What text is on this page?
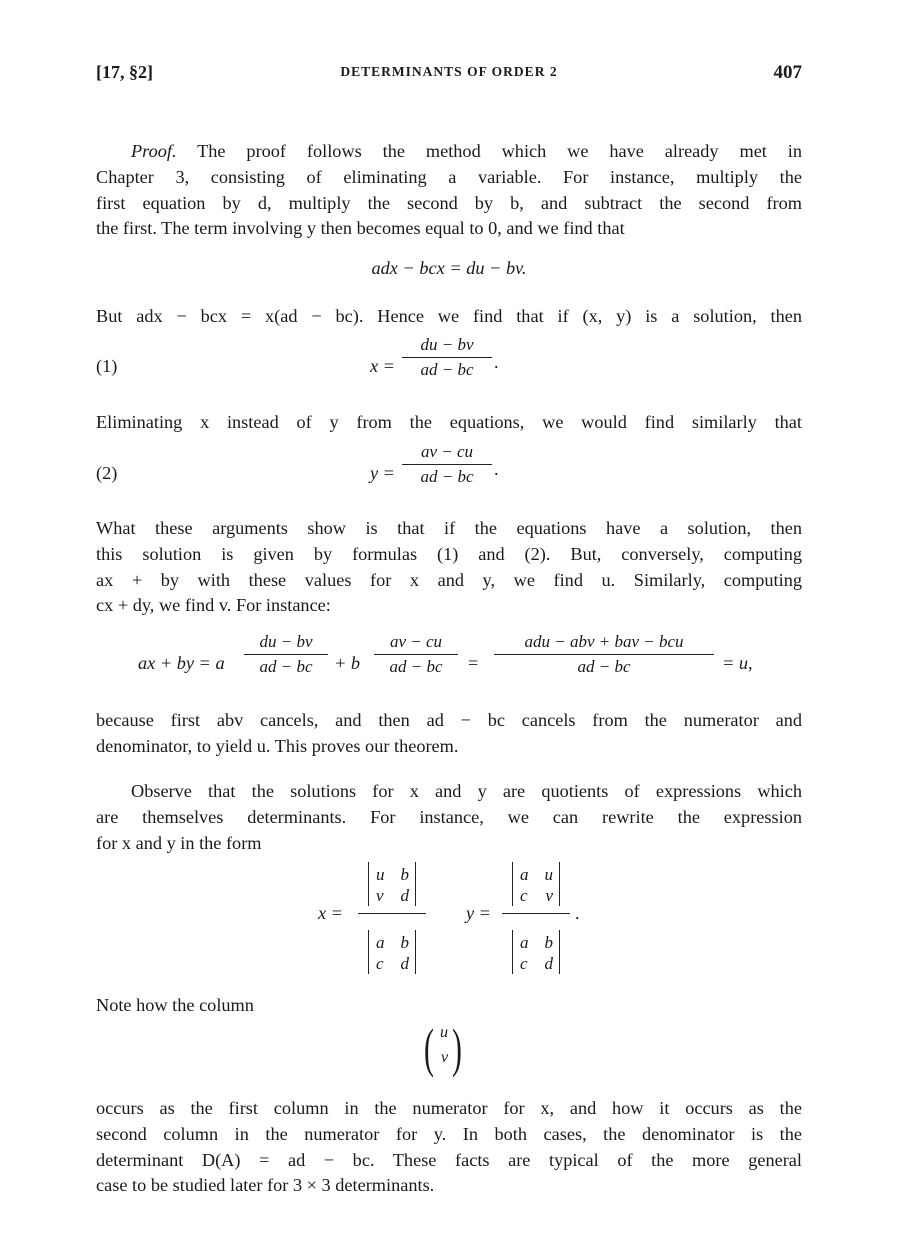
[17, §2]	DETERMINANTS OF ORDER 2	407
Proof. The proof follows the method which we have already met in
Chapter 3, consisting of eliminating a variable. For instance, multiply the
first equation by d, multiply the second by b, and subtract the second from
the first. The term involving y then becomes equal to 0, and we find that
adx − bcx = du − bv.
But adx − bcx = x(ad − bc). Hence we find that if (x, y) is a solution, then
(1)	x =
du − bv
ad − bc	.
Eliminating x instead of y from the equations, we would find similarly that
(2)	y =
av − cu
ad − bc	.
What these arguments show is that if the equations have a solution, then
this solution is given by formulas (1) and (2). But, conversely, computing
ax + by with these values for x and y, we find u. Similarly, computing
cx + dy, we find v. For instance:
ax + by = a
du − bv
ad − bc	+ b
av − cu
ad − bc	=
adu − abv + bav − bcu
ad − bc	= u,
because first abv cancels, and then ad − bc cancels from the numerator and
denominator, to yield u. This proves our theorem.
Observe that the solutions for x and y are quotients of expressions which
are themselves determinants. For instance, we can rewrite the expression
for x and y in the form
x =
u b
v d
a b
c d
y =
a u
c v
a b
c d
.
Note how the column
( u
v )
occurs as the first column in the numerator for x, and how it occurs as the
second column in the numerator for y. In both cases, the denominator is the
determinant D(A) = ad − bc. These facts are typical of the more general
case to be studied later for 3 × 3 determinants.
